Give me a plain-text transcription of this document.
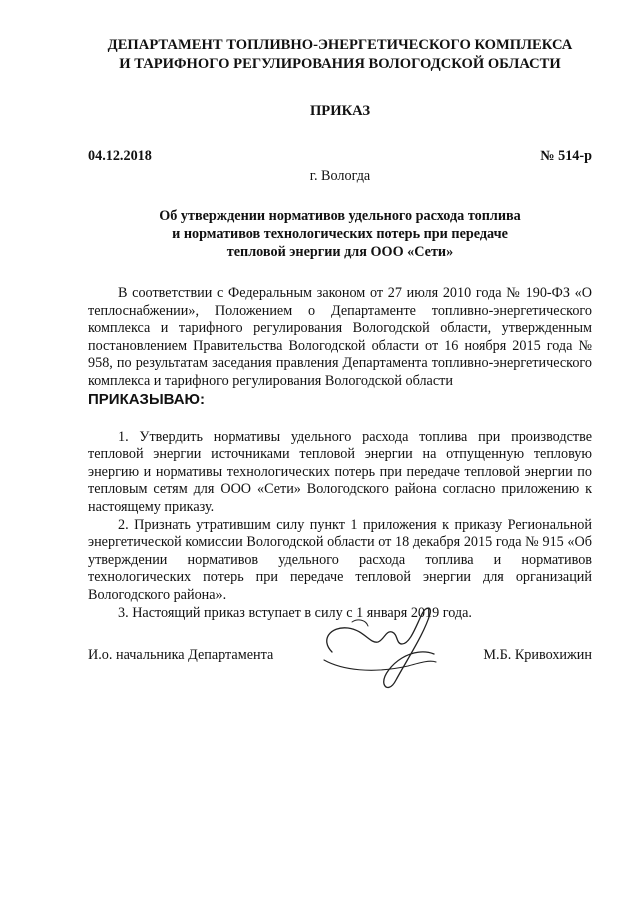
ДЕПАРТАМЕНТ ТОПЛИВНО-ЭНЕРГЕТИЧЕСКОГО КОМПЛЕКСА
И ТАРИФНОГО РЕГУЛИРОВАНИЯ ВОЛОГОДСКОЙ ОБЛАСТИ
ПРИКАЗ
04.12.2018	№ 514-р
г. Вологда
Об утверждении нормативов удельного расхода топлива
и нормативов технологических потерь при передаче
тепловой энергии для ООО «Сети»
В соответствии с Федеральным законом от 27 июля 2010 года № 190-ФЗ «О теплоснабжении», Положением о Департаменте топливно-энергетического комплекса и тарифного регулирования Вологодской области, утвержденным постановлением Правительства Вологодской области от 16 ноября 2015 года № 958, по результатам заседания правления Департамента топливно-энергетического комплекса и тарифного регулирования Вологодской области
ПРИКАЗЫВАЮ:
1. Утвердить нормативы удельного расхода топлива при производстве тепловой энергии источниками тепловой энергии на отпущенную тепловую энергию и нормативы технологических потерь при передаче тепловой энергии по тепловым сетям для ООО «Сети» Вологодского района согласно приложению к настоящему приказу.
2. Признать утратившим силу пункт 1 приложения к приказу Региональной энергетической комиссии Вологодской области от 18 декабря 2015 года № 915 «Об утверждении нормативов удельного расхода топлива и нормативов технологических потерь при передаче тепловой энергии для организаций Вологодского района».
3. Настоящий приказ вступает в силу с 1 января 2019 года.
И.о. начальника Департамента	М.Б. Кривохижин
